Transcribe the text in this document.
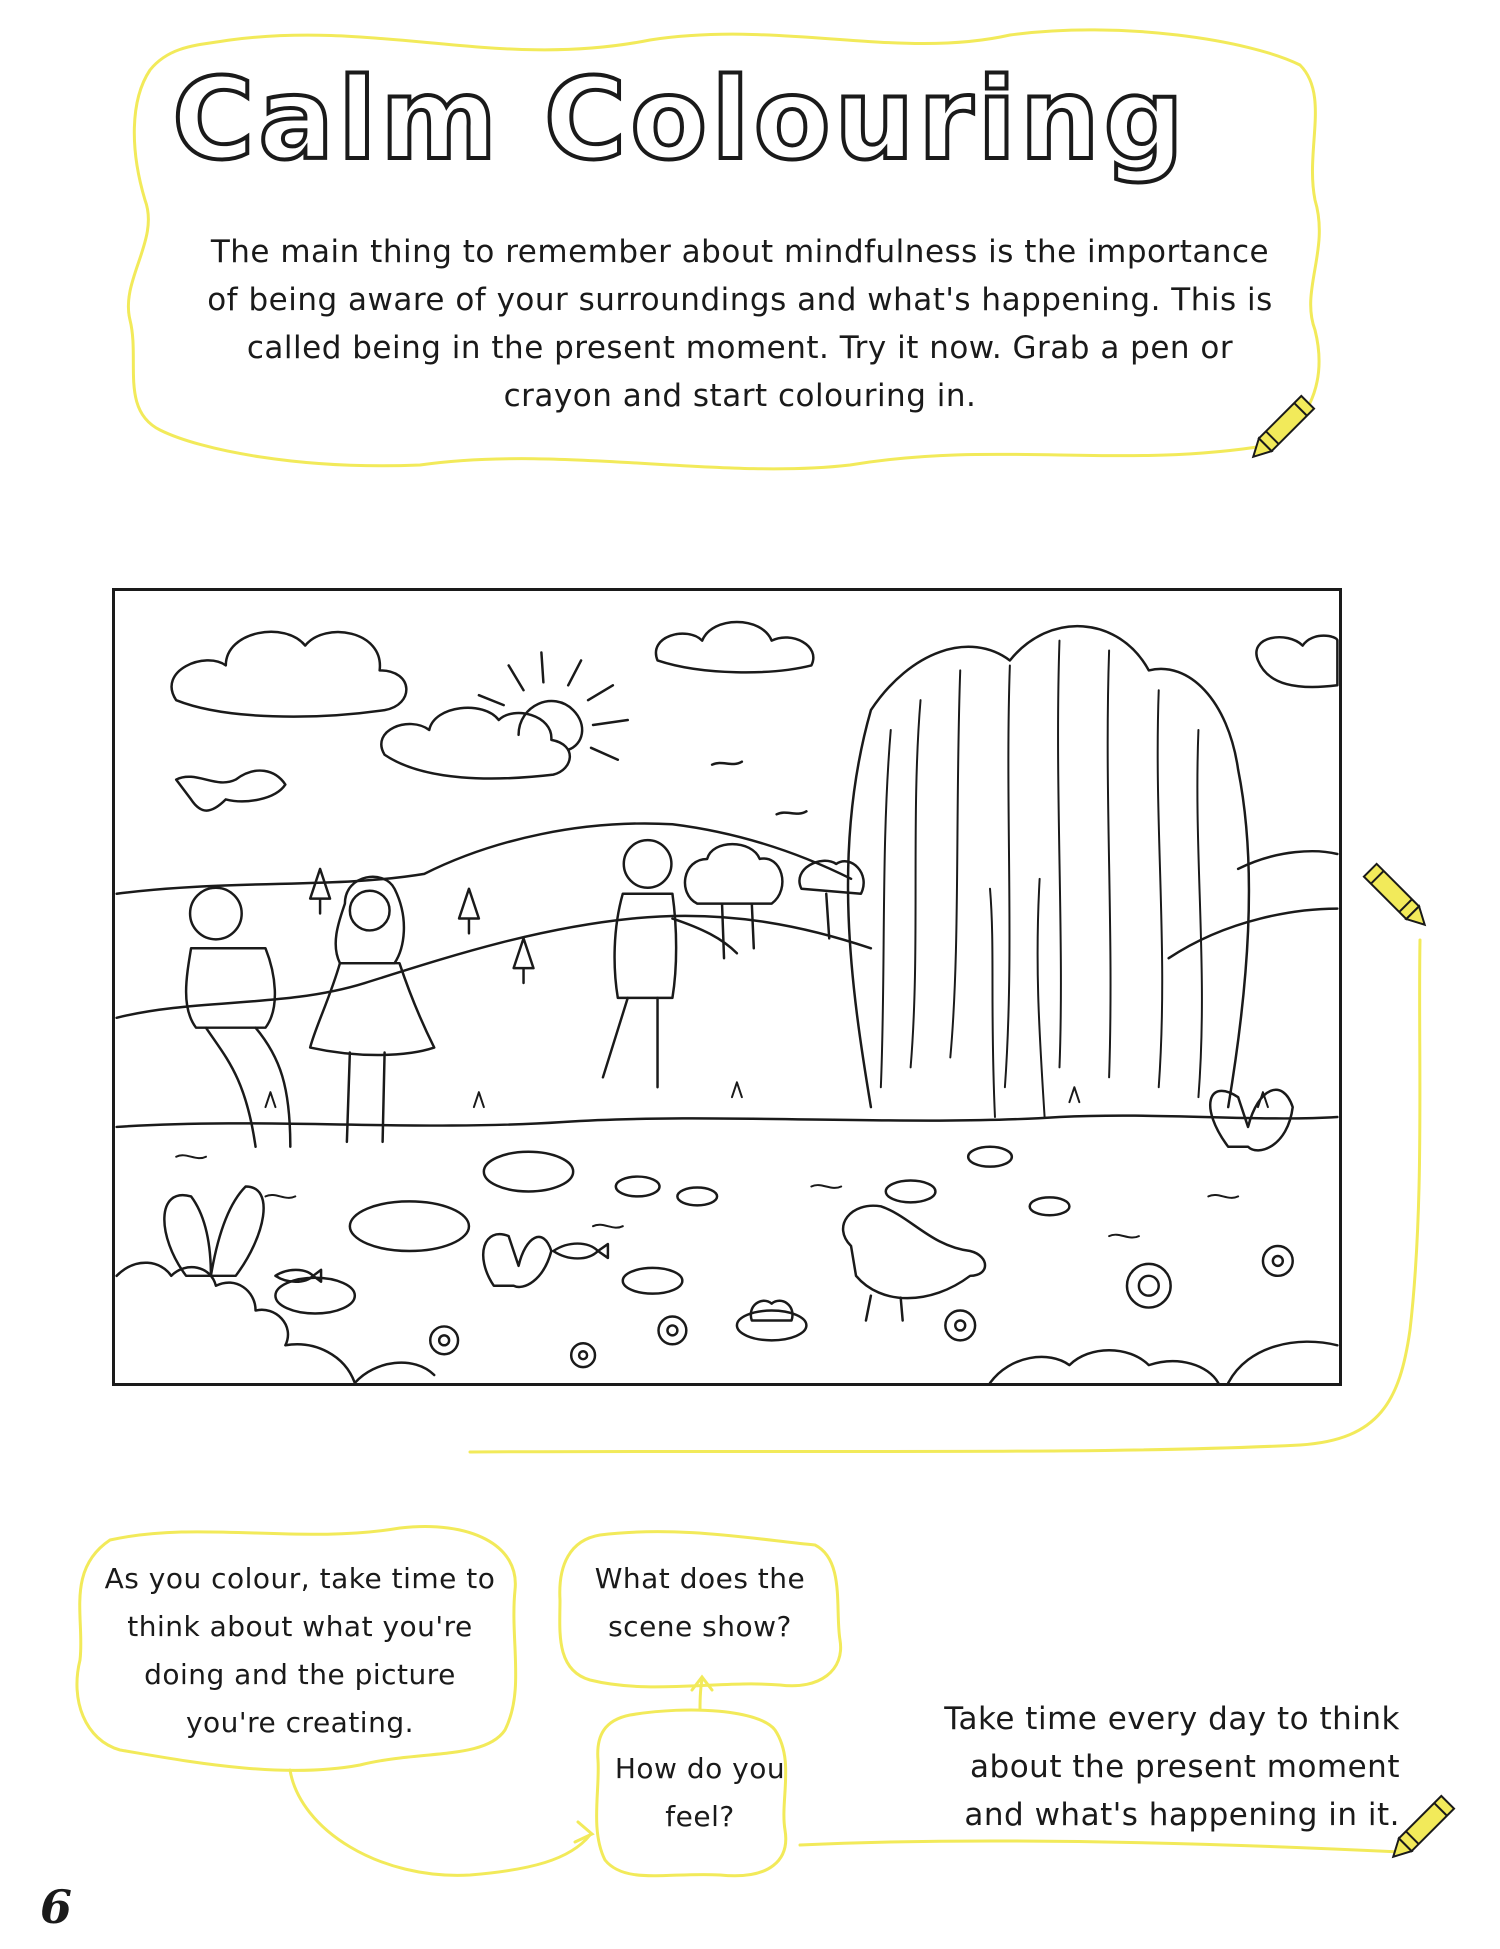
Calm Colouring
The main thing to remember about mindfulness is the importance of being aware of your surroundings and what's happening. This is called being in the present moment. Try it now. Grab a pen or crayon and start colouring in.
As you colour, take time to think about what you're doing and the picture you're creating.
What does the scene show?
How do you feel?
Take time every day to think about the present moment and what's happening in it.
6
